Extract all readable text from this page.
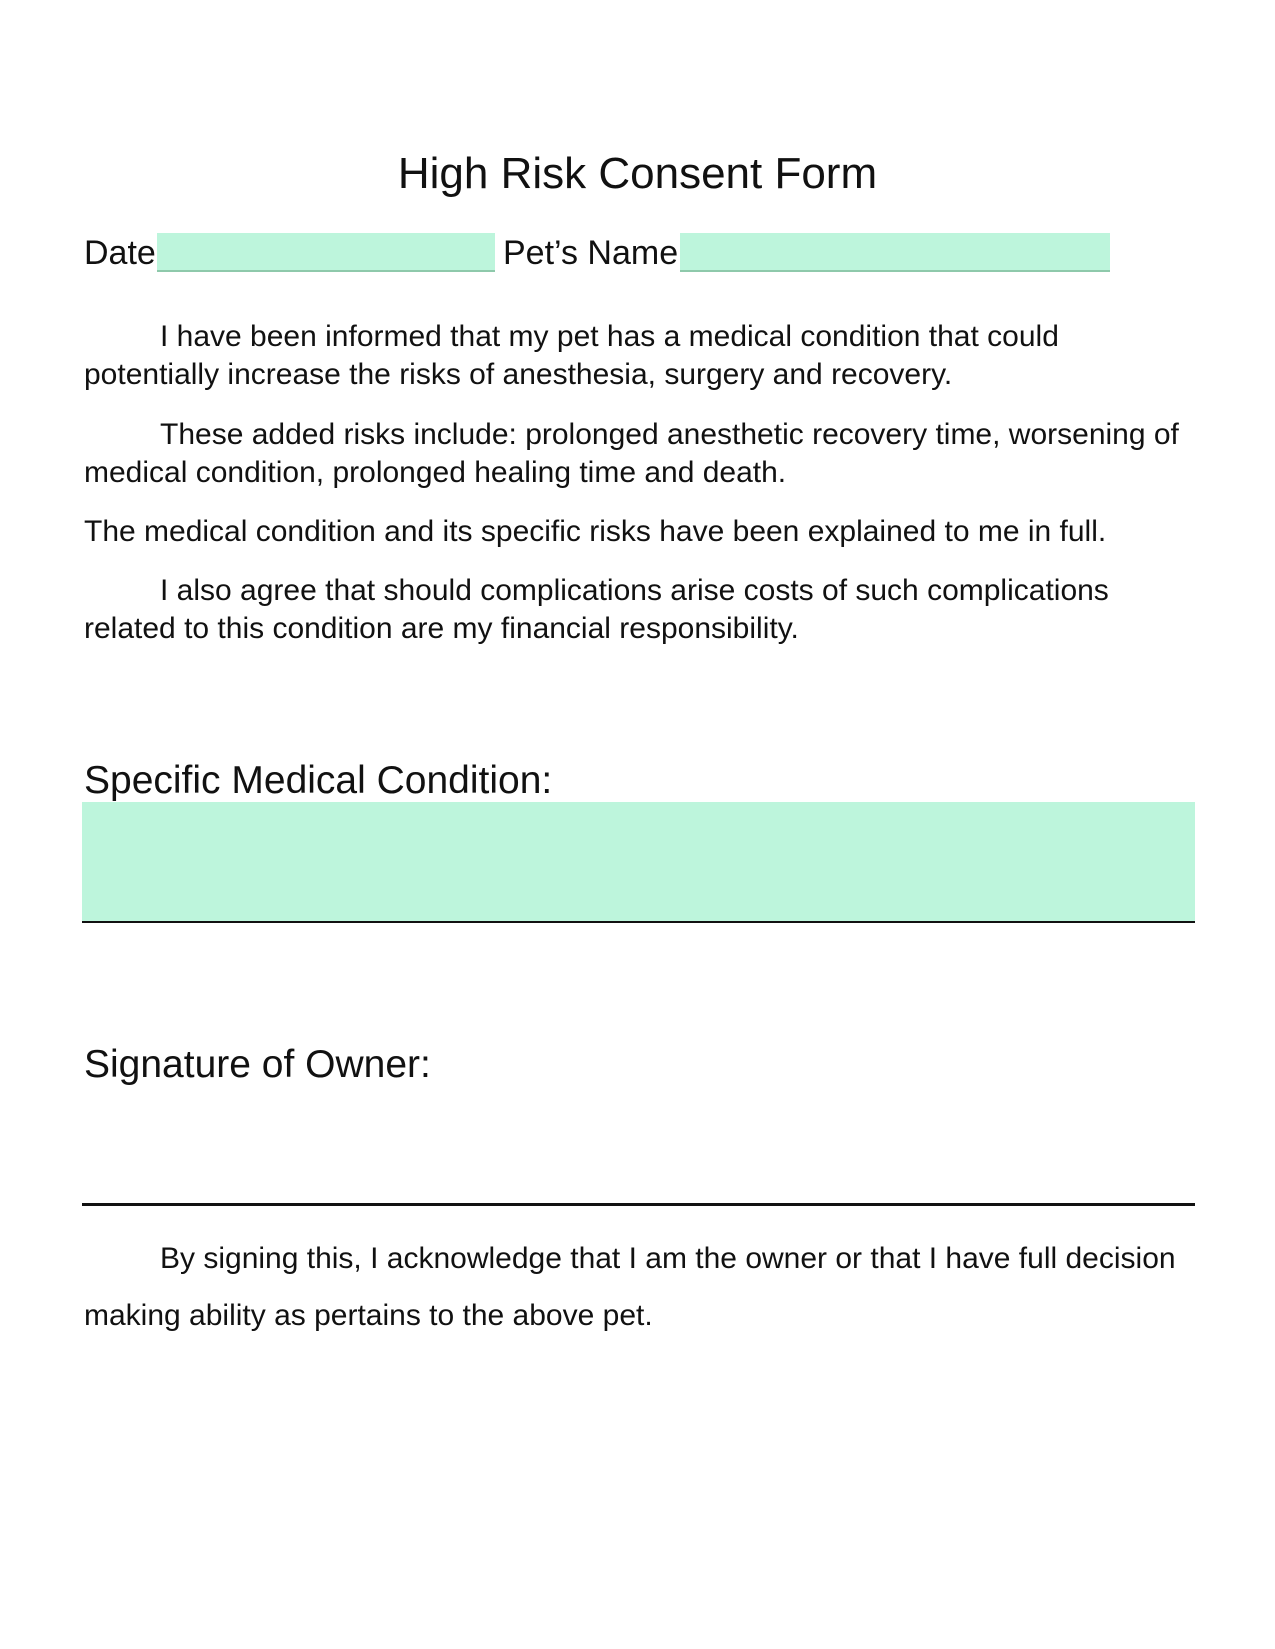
High Risk Consent Form
Date	Pet’s Name

I have been informed that my pet has a medical condition that could potentially increase the risks of anesthesia, surgery and recovery.

These added risks include: prolonged anesthetic recovery time, worsening of medical condition, prolonged healing time and death.

The medical condition and its specific risks have been explained to me in full.

I also agree that should complications arise costs of such complications related to this condition are my financial responsibility.

Specific Medical Condition:
Signature of Owner:

By signing this, I acknowledge that I am the owner or that I have full decision making ability as pertains to the above pet.
